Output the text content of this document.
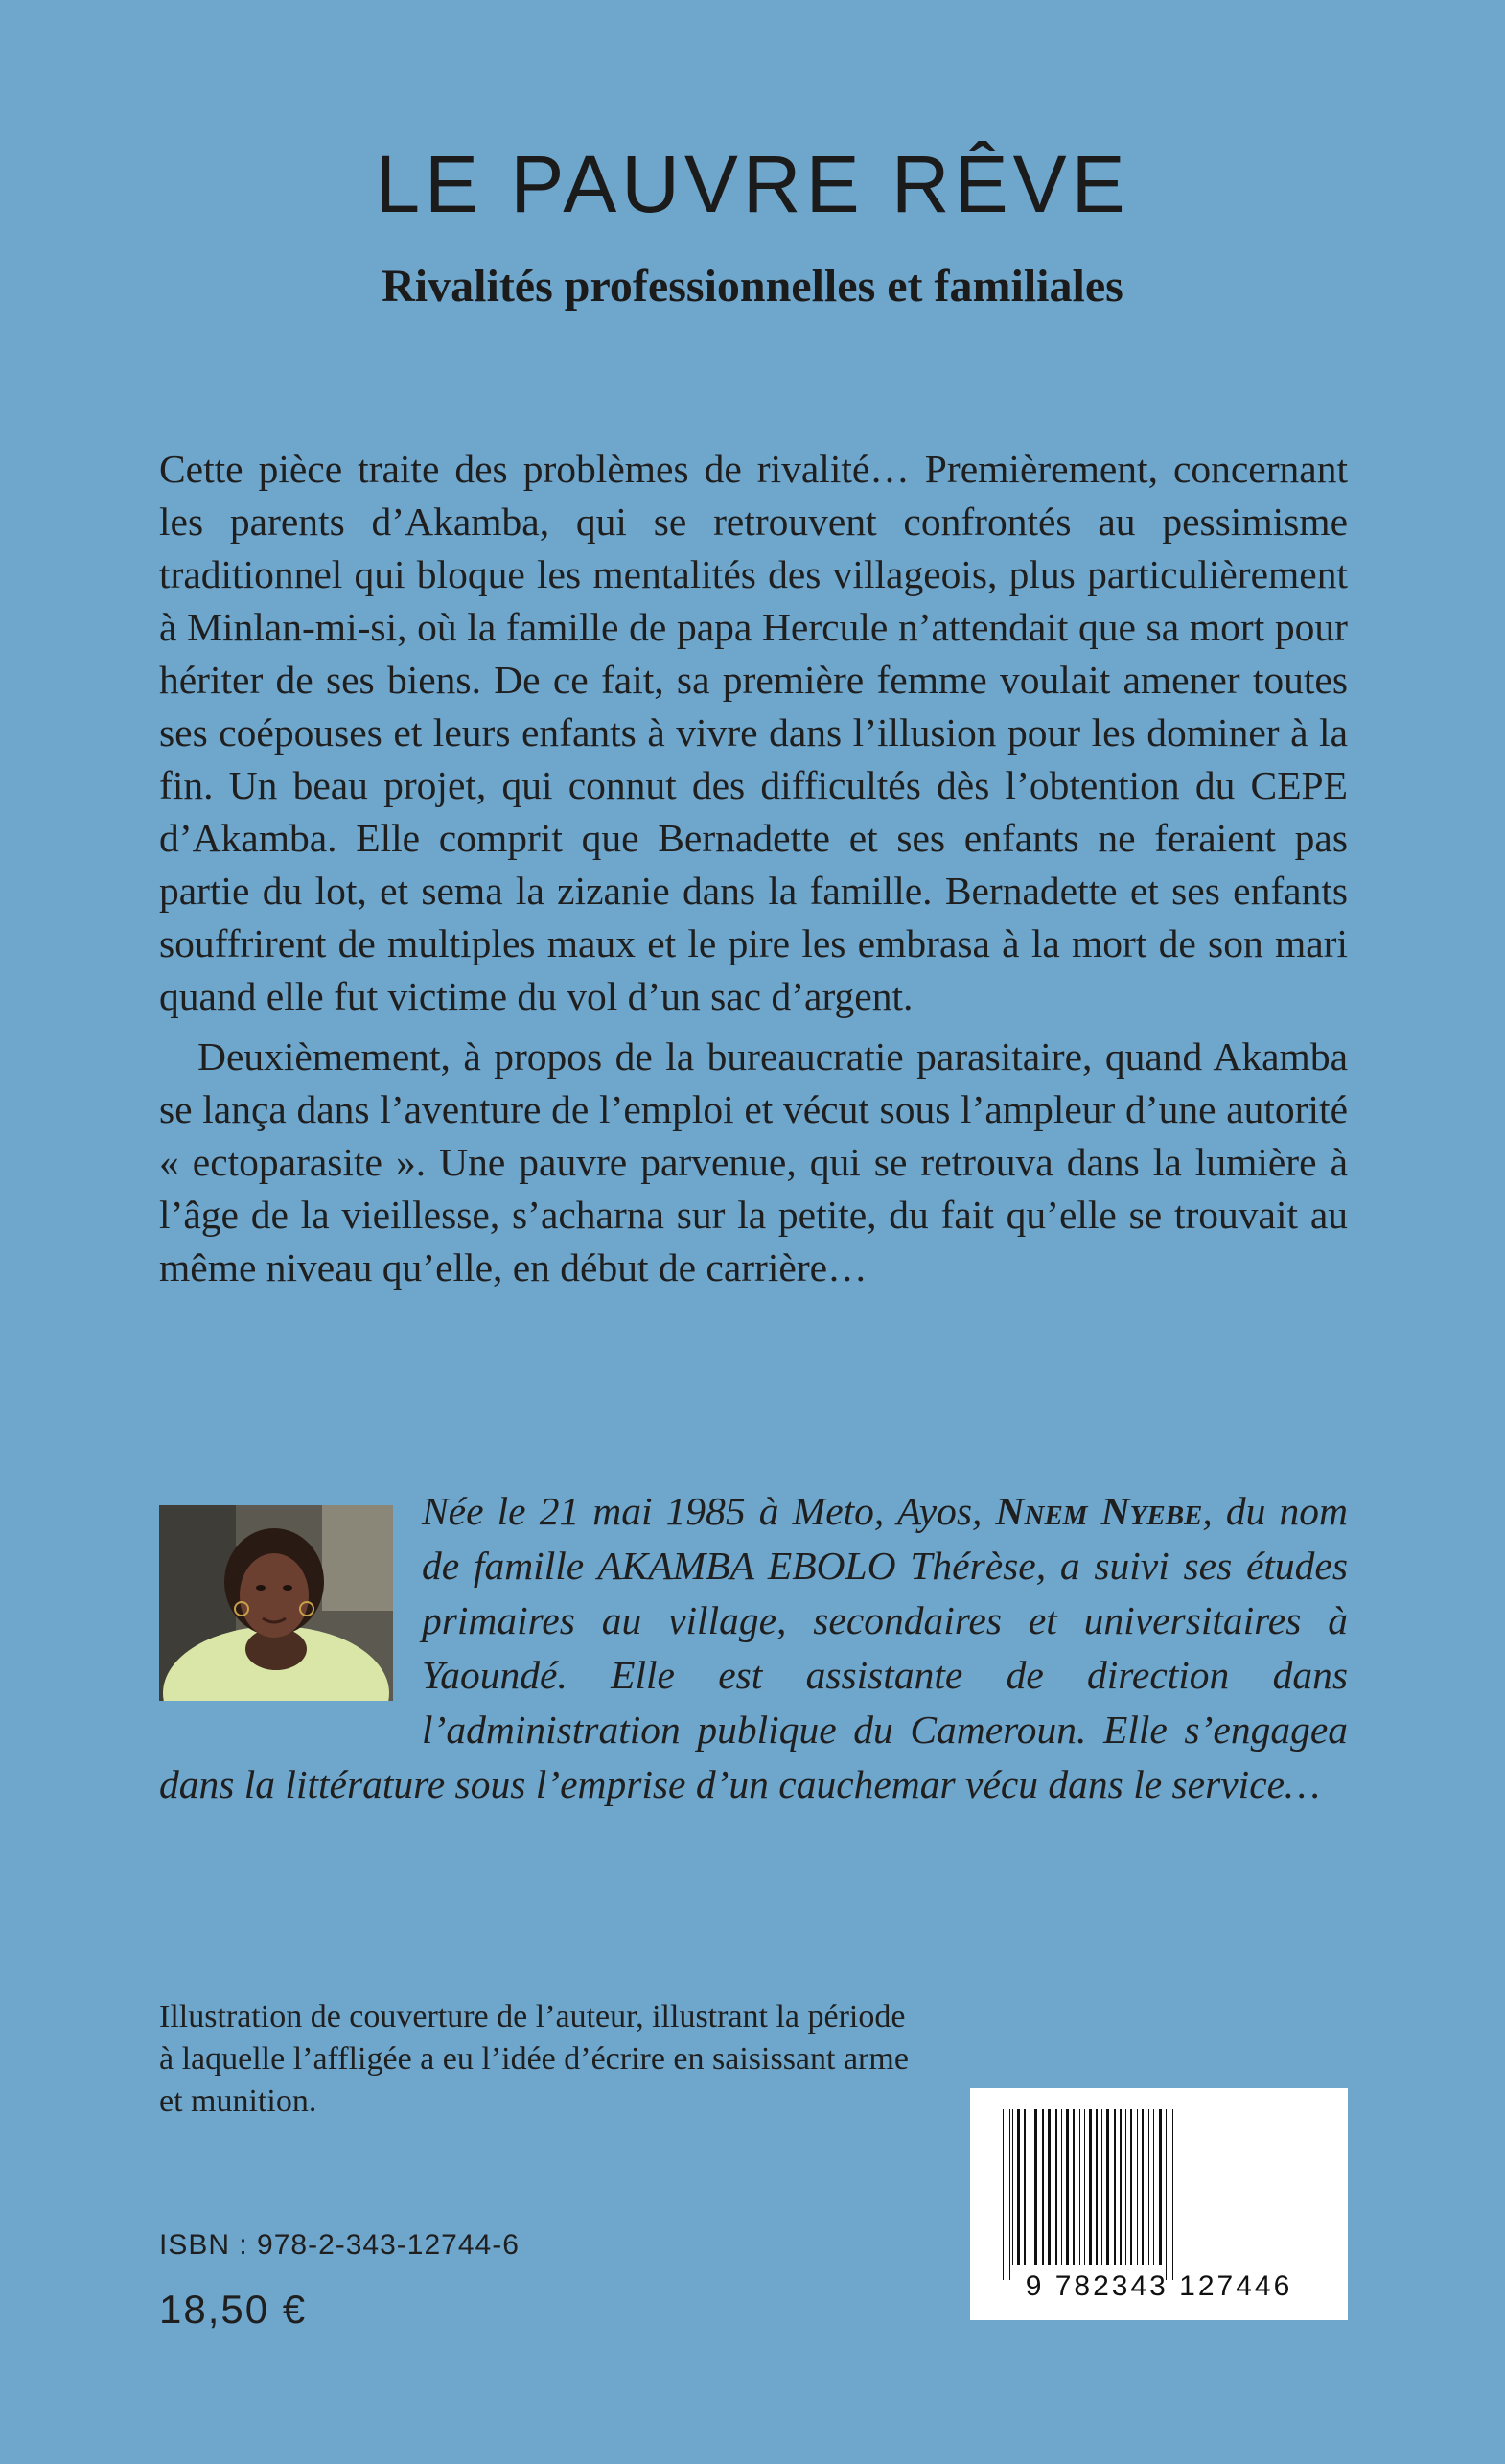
LE PAUVRE RÊVE
Rivalités professionnelles et familiales

Cette pièce traite des problèmes de rivalité… Premièrement, concernant les parents d’Akamba, qui se retrouvent confrontés au pessimisme traditionnel qui bloque les mentalités des villageois, plus particulièrement à Minlan-mi-si, où la famille de papa Hercule n’attendait que sa mort pour hériter de ses biens. De ce fait, sa première femme voulait amener toutes ses coépouses et leurs enfants à vivre dans l’illusion pour les dominer à la fin. Un beau projet, qui connut des difficultés dès l’obtention du CEPE d’Akamba. Elle comprit que Bernadette et ses enfants ne feraient pas partie du lot, et sema la zizanie dans la famille. Bernadette et ses enfants souffrirent de multiples maux et le pire les embrasa à la mort de son mari quand elle fut victime du vol d’un sac d’argent.

Deuxièmement, à propos de la bureaucratie parasitaire, quand Akamba se lança dans l’aventure de l’emploi et vécut sous l’ampleur d’une autorité « ectoparasite ». Une pauvre parvenue, qui se retrouva dans la lumière à l’âge de la vieillesse, s’acharna sur la petite, du fait qu’elle se trouvait au même niveau qu’elle, en début de carrière…

Née le 21 mai 1985 à Meto, Ayos, Nnem Nyebe, du nom de famille AKAMBA EBOLO Thérèse, a suivi ses études primaires au village, secondaires et universitaires à Yaoundé. Elle est assistante de direction dans l’administration publique du Cameroun. Elle s’engagea dans la littérature sous l’emprise d’un cauchemar vécu dans le service…
Illustration de couverture de l’auteur, illustrant la période à laquelle l’affligée a eu l’idée d’écrire en saisissant arme et munition.
ISBN : 978-2-343-12744-6
18,50 €
9 782343 127446
